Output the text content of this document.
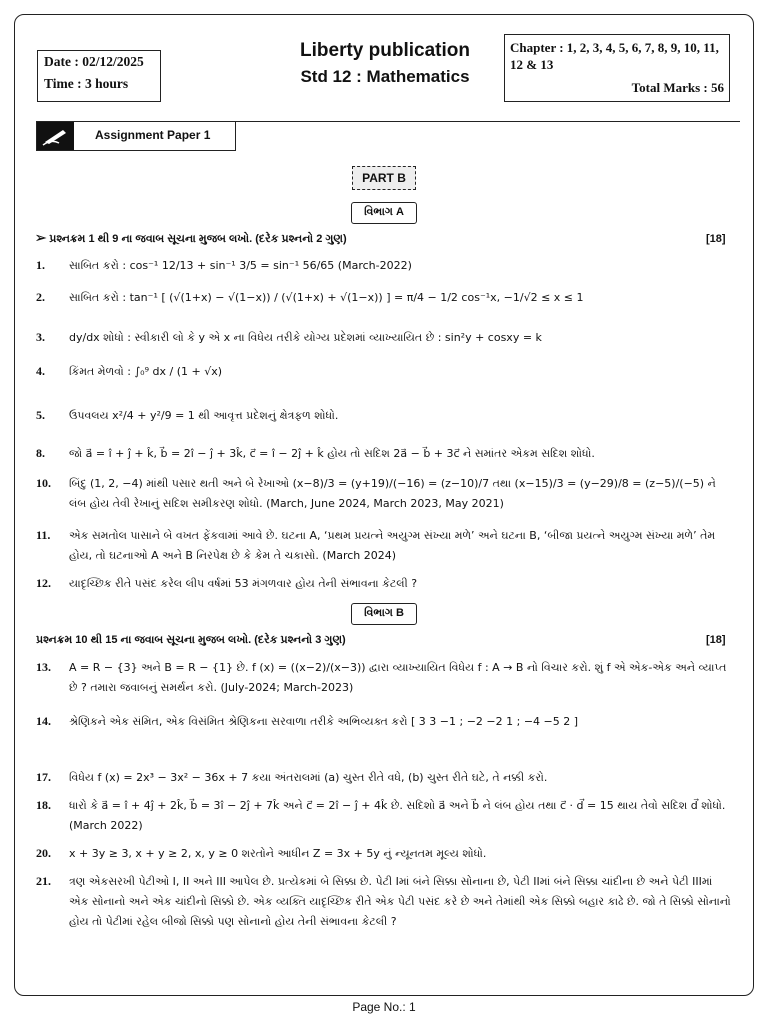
Date : 02/12/2025
Time : 3 hours
Liberty publication
Std 12 : Mathematics
Chapter : 1, 2, 3, 4, 5, 6, 7, 8, 9, 10, 11, 12 & 13
Total Marks : 56
Assignment Paper 1
PART B
વિભાગ A
➢ પ્રશ્નક્રમ 1 થી 9 ના જવાબ સૂચના મુજબ લખો. (દરેક પ્રશ્નનો 2 ગુણ)	[18]
1. સાબિત કરો : cos⁻¹ 12/13 + sin⁻¹ 3/5 = sin⁻¹ 56/65 (March-2022)
2. સાબિત કરો : tan⁻¹ [ (√(1+x) − √(1−x)) / (√(1+x) + √(1−x)) ] = π/4 − 1/2 cos⁻¹x, −1/√2 ≤ x ≤ 1
3. dy/dx શોધો : સ્વીકારી લો કે y એ x ના વિધેય તરીકે યોગ્ય પ્રદેશમાં વ્યાખ્યાયિત છે : sin²y + cosxy = k
4. કિંમત મેળવો : ∫₀⁹ dx / (1 + √x)
5. ઉપવલય x²/4 + y²/9 = 1 થી આવૃત્ત પ્રદેશનું ક્ષેત્રફળ શોધો.
8. જો a⃗ = î + ĵ + k̂, b⃗ = 2î − ĵ + 3k̂, c⃗ = î − 2ĵ + k̂ હોય તો સદિશ 2a⃗ − b⃗ + 3c⃗ ને સમાંતર એકમ સદિશ શોધો.
10. બિંદુ (1, 2, −4) માંથી પસાર થતી અને બે રેખાઓ (x−8)/3 = (y+19)/(−16) = (z−10)/7 તથા (x−15)/3 = (y−29)/8 = (z−5)/(−5) ને લંબ હોય તેવી રેખાનું સદિશ સમીકરણ શોધો. (March, June 2024, March 2023, May 2021)
11. એક સમતોલ પાસાને બે વખત ફેંકવામાં આવે છે. ઘટના A, ‘પ્રથમ પ્રયત્ને અયુગ્મ સંખ્યા મળે’ અને ઘટના B, ‘બીજા પ્રયત્ને અયુગ્મ સંખ્યા મળે’ તેમ હોય, તો ઘટનાઓ A અને B નિરપેક્ષ છે કે કેમ તે ચકાસો. (March 2024)
12. યાદૃચ્છિક રીતે પસંદ કરેલ લીપ વર્ષમાં 53 મંગળવાર હોય તેની સંભાવના કેટલી ?
વિભાગ B
પ્રશ્નક્રમ 10 થી 15 ના જવાબ સૂચના મુજબ લખો. (દરેક પ્રશ્નનો 3 ગુણ)	[18]
13. A = R − {3} અને B = R − {1} છે. f (x) = ((x−2)/(x−3)) દ્વારા વ્યાખ્યાયિત વિધેય f : A → B નો વિચાર કરો. શું f એ એક-એક અને વ્યાપ્ત છે ? તમારા જવાબનું સમર્થન કરો. (July-2024; March-2023)
14. શ્રેણિકને એક સંમિત, એક વિસંમિત શ્રેણિકના સરવાળા તરીકે અભિવ્યક્ત કરો [ 3 3 −1 ; −2 −2 1 ; −4 −5 2 ]
17. વિધેય f (x) = 2x³ − 3x² − 36x + 7 કયા અંતરાલમાં (a) ચુસ્ત રીતે વધે, (b) ચુસ્ત રીતે ઘટે, તે નક્કી કરો.
18. ધારો કે a⃗ = î + 4ĵ + 2k̂, b⃗ = 3î − 2ĵ + 7k̂ અને c⃗ = 2î − ĵ + 4k̂ છે. સદિશો a⃗ અને b⃗ ને લંબ હોય તથા c⃗ · d⃗ = 15 થાય તેવો સદિશ d⃗ શોધો. (March 2022)
20. x + 3y ≥ 3, x + y ≥ 2, x, y ≥ 0 શરતોને આધીન Z = 3x + 5y નું ન્યૂનતમ મૂલ્ય શોધો.
21. ત્રણ એકસરખી પેટીઓ I, II અને III આપેલ છે. પ્રત્યેકમાં બે સિક્કા છે. પેટી Iમાં બંને સિક્કા સોનાના છે, પેટી IIમાં બંને સિક્કા ચાંદીના છે અને પેટી IIIમાં એક સોનાનો અને એક ચાંદીનો સિક્કો છે. એક વ્યક્તિ યાદૃચ્છિક રીતે એક પેટી પસંદ કરે છે અને તેમાંથી એક સિક્કો બહાર કાઢે છે. જો તે સિક્કો સોનાનો હોય તો પેટીમાં રહેલ બીજો સિક્કો પણ સોનાનો હોય તેની સંભાવના કેટલી ?
Page No.: 1
